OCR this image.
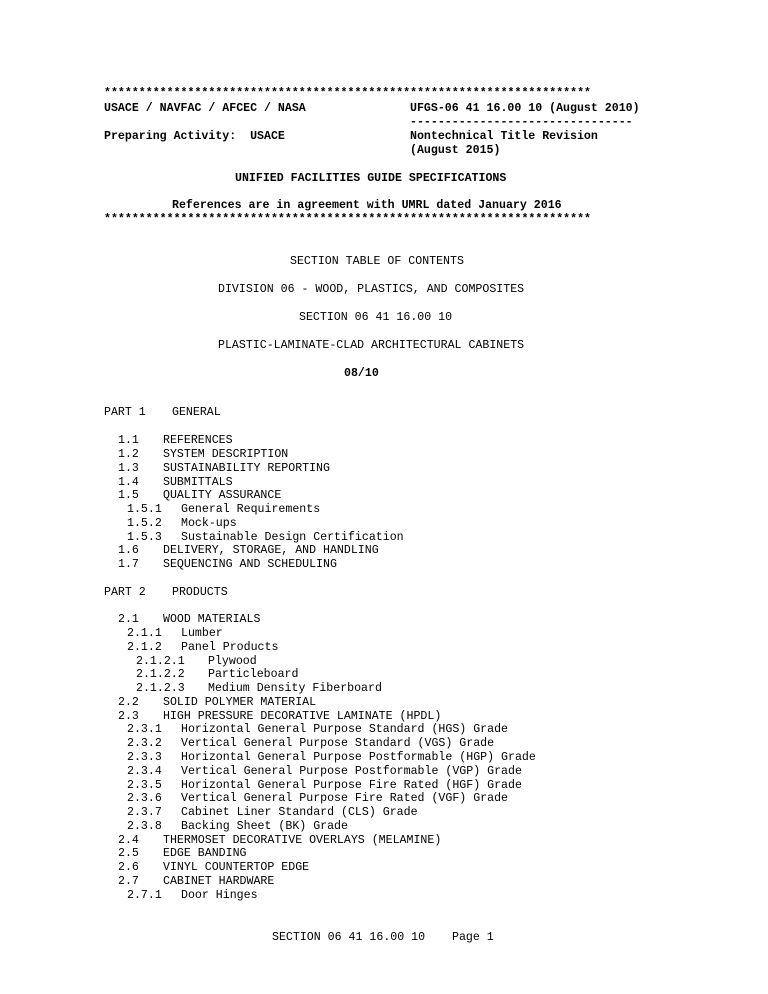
**********************************************************************
USACE / NAVFAC / AFCEC / NASA	UFGS-06 41 16.00 10 (August 2010)
--------------------------------
Preparing Activity:  USACE	Nontechnical Title Revision
(August 2015)
UNIFIED FACILITIES GUIDE SPECIFICATIONS
References are in agreement with UMRL dated January 2016
**********************************************************************
SECTION TABLE OF CONTENTS
DIVISION 06 - WOOD, PLASTICS, AND COMPOSITES
SECTION 06 41 16.00 10
PLASTIC-LAMINATE-CLAD ARCHITECTURAL CABINETS
08/10
PART 1 GENERAL
1.1 REFERENCES
1.2 SYSTEM DESCRIPTION
1.3 SUSTAINABILITY REPORTING
1.4 SUBMITTALS
1.5 QUALITY ASSURANCE
1.5.1 General Requirements
1.5.2 Mock-ups
1.5.3 Sustainable Design Certification
1.6 DELIVERY, STORAGE, AND HANDLING
1.7 SEQUENCING AND SCHEDULING
PART 2 PRODUCTS
2.1 WOOD MATERIALS
2.1.1 Lumber
2.1.2 Panel Products
2.1.2.1 Plywood
2.1.2.2 Particleboard
2.1.2.3 Medium Density Fiberboard
2.2 SOLID POLYMER MATERIAL
2.3 HIGH PRESSURE DECORATIVE LAMINATE (HPDL)
2.3.1 Horizontal General Purpose Standard (HGS) Grade
2.3.2 Vertical General Purpose Standard (VGS) Grade
2.3.3 Horizontal General Purpose Postformable (HGP) Grade
2.3.4 Vertical General Purpose Postformable (VGP) Grade
2.3.5 Horizontal General Purpose Fire Rated (HGF) Grade
2.3.6 Vertical General Purpose Fire Rated (VGF) Grade
2.3.7 Cabinet Liner Standard (CLS) Grade
2.3.8 Backing Sheet (BK) Grade
2.4 THERMOSET DECORATIVE OVERLAYS (MELAMINE)
2.5 EDGE BANDING
2.6 VINYL COUNTERTOP EDGE
2.7 CABINET HARDWARE
2.7.1 Door Hinges
SECTION 06 41 16.00 10 Page 1
